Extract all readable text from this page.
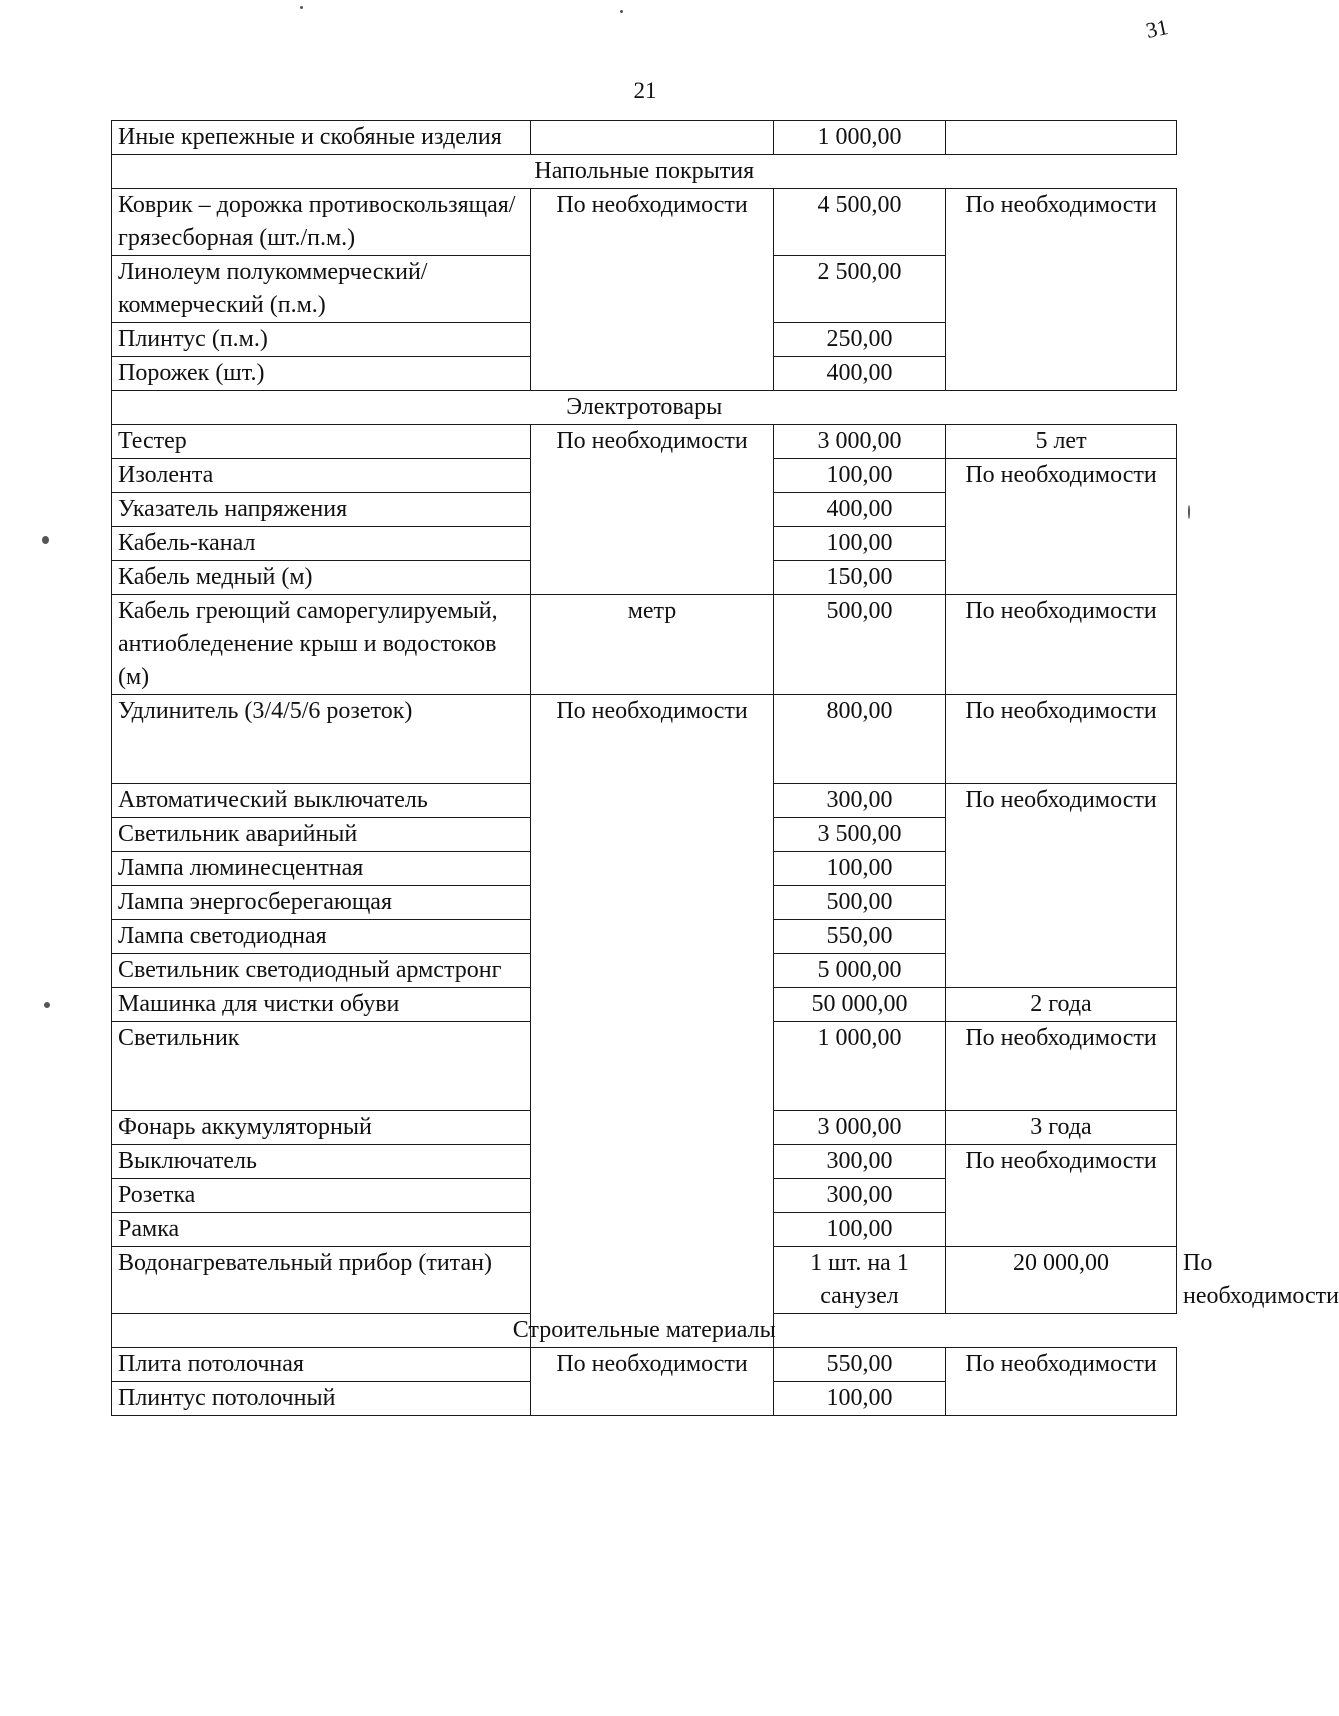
31
21
Иные крепежные и скобяные изделия		1 000,00		
Напольные покрытия				
Коврик – дорожка противоскользящая/грязесборная (шт./п.м.)	По необходимости	4 500,00	По необходимости	
Линолеум полукоммерческий/коммерческий (п.м.)		2 500,00		
Плинтус (п.м.)		250,00		
Порожек (шт.)		400,00		
Электротовары				
Тестер	По необходимости	3 000,00	5 лет	
Изолента		100,00	По необходимости	
Указатель напряжения		400,00		
Кабель-канал		100,00		
Кабель медный (м)		150,00		
Кабель греющий саморегулируемый, антиобледенение крыш и водостоков (м)	метр	500,00	По необходимости	
Удлинитель (3/4/5/6 розеток)	По необходимости	800,00	По необходимости	
Автоматический выключатель		300,00	По необходимости	
Светильник аварийный		3 500,00		
Лампа люминесцентная		100,00		
Лампа энергосберегающая		500,00		
Лампа светодиодная		550,00		
Светильник светодиодный армстронг		5 000,00		
Машинка для чистки обуви		50 000,00	2 года	
Светильник		1 000,00	По необходимости	
Фонарь аккумуляторный		3 000,00	3 года	
Выключатель		300,00	По необходимости	
Розетка		300,00		
Рамка		100,00		
Водонагревательный прибор (титан)		1 шт. на 1 санузел	20 000,00	По необходимости
Строительные материалы				
Плита потолочная	По необходимости	550,00	По необходимости	
Плинтус потолочный		100,00		
